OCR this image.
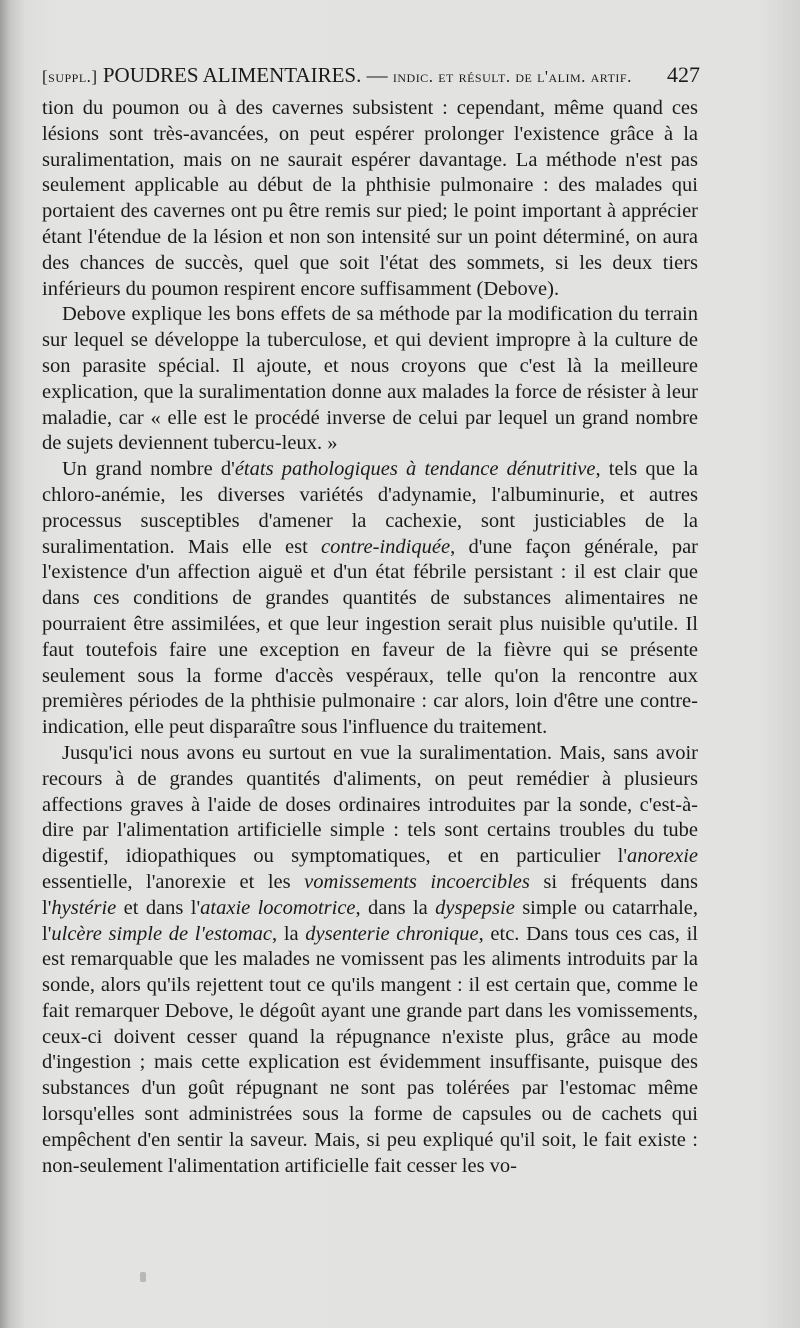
[suppl.] POUDRES ALIMENTAIRES. — indic. et résult. de l'alim. artif. 427

tion du poumon ou à des cavernes subsistent : cependant, même quand ces lésions sont très-avancées, on peut espérer prolonger l'existence grâce à la suralimentation, mais on ne saurait espérer davantage. La méthode n'est pas seulement applicable au début de la phthisie pulmonaire : des malades qui portaient des cavernes ont pu être remis sur pied; le point important à apprécier étant l'étendue de la lésion et non son intensité sur un point déterminé, on aura des chances de succès, quel que soit l'état des sommets, si les deux tiers inférieurs du poumon respirent encore suffisamment (Debove).

Debove explique les bons effets de sa méthode par la modification du terrain sur lequel se développe la tuberculose, et qui devient impropre à la culture de son parasite spécial. Il ajoute, et nous croyons que c'est là la meilleure explication, que la suralimentation donne aux malades la force de résister à leur maladie, car « elle est le procédé inverse de celui par lequel un grand nombre de sujets deviennent tubercu-leux. »

Un grand nombre d'états pathologiques à tendance dénutritive, tels que la chloro-anémie, les diverses variétés d'adynamie, l'albuminurie, et autres processus susceptibles d'amener la cachexie, sont justiciables de la suralimentation. Mais elle est contre-indiquée, d'une façon générale, par l'existence d'un affection aiguë et d'un état fébrile persistant : il est clair que dans ces conditions de grandes quantités de substances alimentaires ne pourraient être assimilées, et que leur ingestion serait plus nuisible qu'utile. Il faut toutefois faire une exception en faveur de la fièvre qui se présente seulement sous la forme d'accès vespéraux, telle qu'on la rencontre aux premières périodes de la phthisie pulmonaire : car alors, loin d'être une contre-indication, elle peut disparaître sous l'influence du traitement.

Jusqu'ici nous avons eu surtout en vue la suralimentation. Mais, sans avoir recours à de grandes quantités d'aliments, on peut remédier à plusieurs affections graves à l'aide de doses ordinaires introduites par la sonde, c'est-à-dire par l'alimentation artificielle simple : tels sont certains troubles du tube digestif, idiopathiques ou symptomatiques, et en particulier l'anorexie essentielle, l'anorexie et les vomissements incoercibles si fréquents dans l'hystérie et dans l'ataxie locomotrice, dans la dyspepsie simple ou catarrhale, l'ulcère simple de l'estomac, la dysenterie chronique, etc. Dans tous ces cas, il est remarquable que les malades ne vomissent pas les aliments introduits par la sonde, alors qu'ils rejettent tout ce qu'ils mangent : il est certain que, comme le fait remarquer Debove, le dégoût ayant une grande part dans les vomissements, ceux-ci doivent cesser quand la répugnance n'existe plus, grâce au mode d'ingestion ; mais cette explication est évidemment insuffisante, puisque des substances d'un goût répugnant ne sont pas tolérées par l'estomac même lorsqu'elles sont administrées sous la forme de capsules ou de cachets qui empêchent d'en sentir la saveur. Mais, si peu expliqué qu'il soit, le fait existe : non-seulement l'alimentation artificielle fait cesser les vo-
